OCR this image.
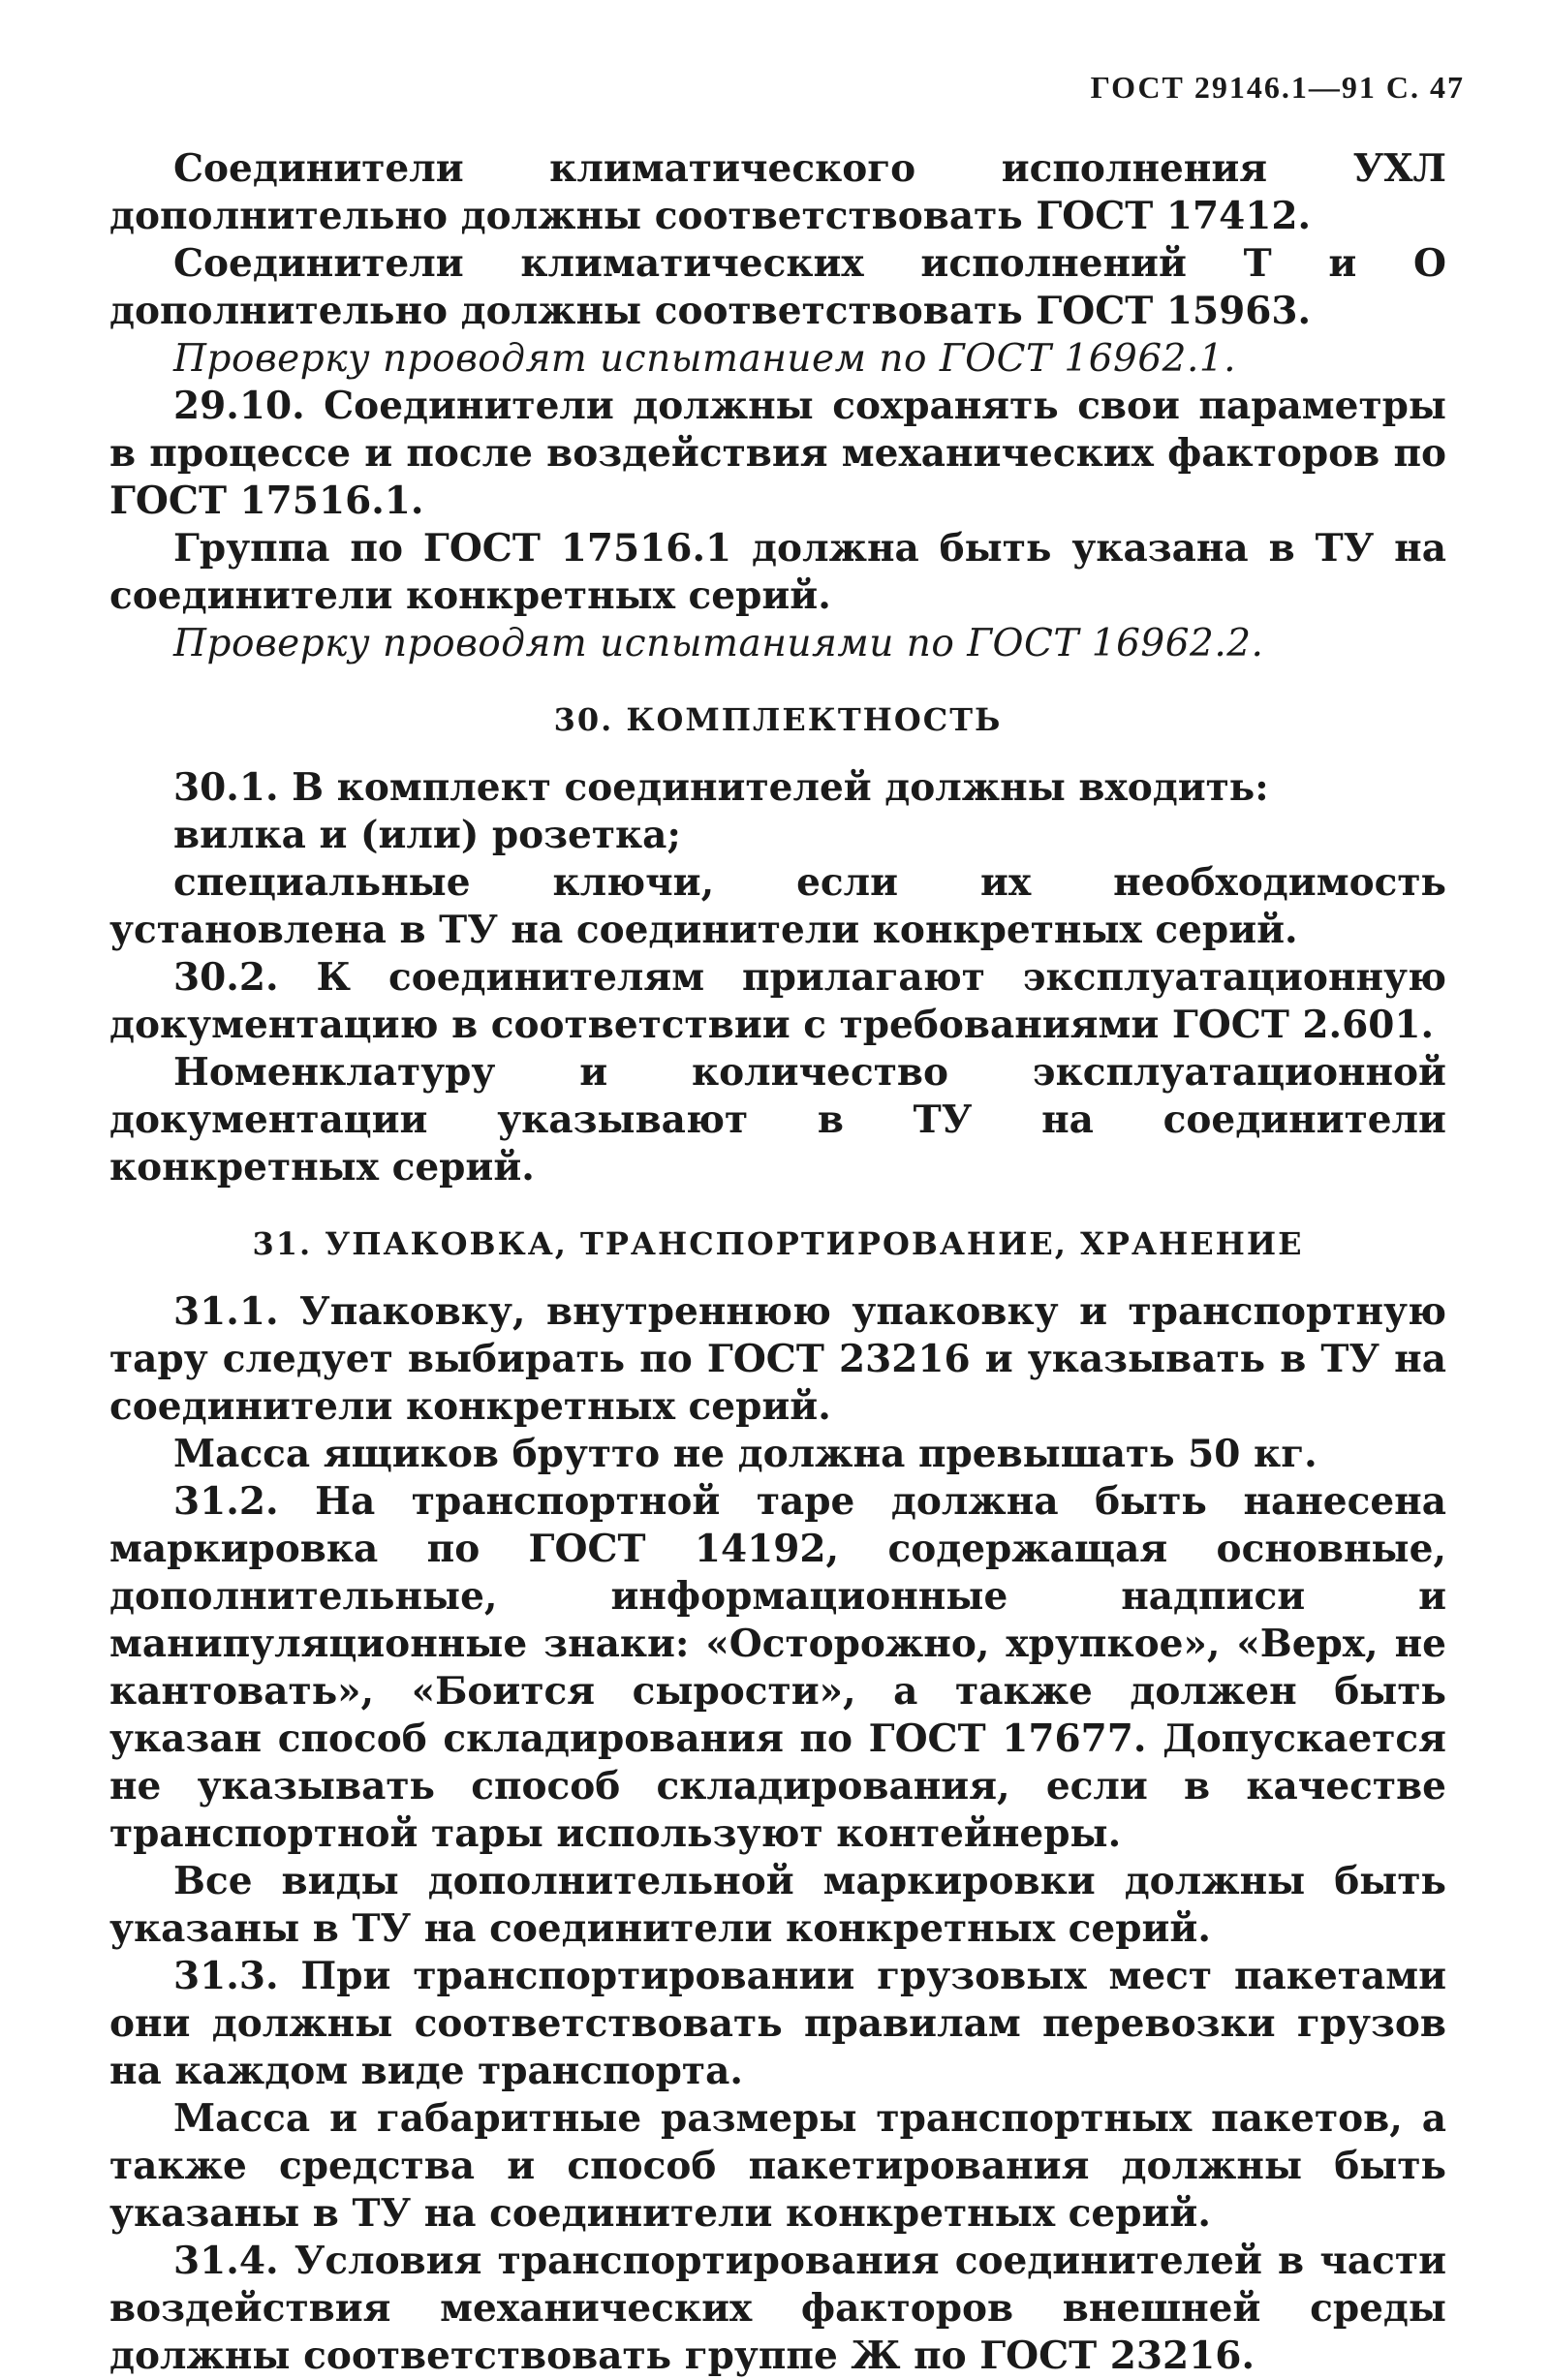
ГОСТ 29146.1—91 С. 47

Соединители климатического исполнения УХЛ дополнительно должны соответствовать ГОСТ 17412.

Соединители климатических исполнений Т и О дополнительно должны соответствовать ГОСТ 15963.

Проверку проводят испытанием по ГОСТ 16962.1.

29.10. Соединители должны сохранять свои параметры в процессе и после воздействия механических факторов по ГОСТ 17516.1.

Группа по ГОСТ 17516.1 должна быть указана в ТУ на соединители конкретных серий.

Проверку проводят испытаниями по ГОСТ 16962.2.

30. КОМПЛЕКТНОСТЬ

30.1. В комплект соединителей должны входить:

вилка и (или) розетка;

специальные ключи, если их необходимость установлена в ТУ на соединители конкретных серий.

30.2. К соединителям прилагают эксплуатационную документацию в соответствии с требованиями ГОСТ 2.601.

Номенклатуру и количество эксплуатационной документации указывают в ТУ на соединители конкретных серий.

31. УПАКОВКА, ТРАНСПОРТИРОВАНИЕ, ХРАНЕНИЕ

31.1. Упаковку, внутреннюю упаковку и транспортную тару следует выбирать по ГОСТ 23216 и указывать в ТУ на соединители конкретных серий.

Масса ящиков брутто не должна превышать 50 кг.

31.2. На транспортной таре должна быть нанесена маркировка по ГОСТ 14192, содержащая основные, дополнительные, информационные надписи и манипуляционные знаки: «Осторожно, хрупкое», «Верх, не кантовать», «Боится сырости», а также должен быть указан способ складирования по ГОСТ 17677. Допускается не указывать способ складирования, если в качестве транспортной тары используют контейнеры.

Все виды дополнительной маркировки должны быть указаны в ТУ на соединители конкретных серий.

31.3. При транспортировании грузовых мест пакетами они должны соответствовать правилам перевозки грузов на каждом виде транспорта.

Масса и габаритные размеры транспортных пакетов, а также средства и способ пакетирования должны быть указаны в ТУ на соединители конкретных серий.

31.4. Условия транспортирования соединителей в части воздействия механических факторов внешней среды должны соответствовать группе Ж по ГОСТ 23216.
